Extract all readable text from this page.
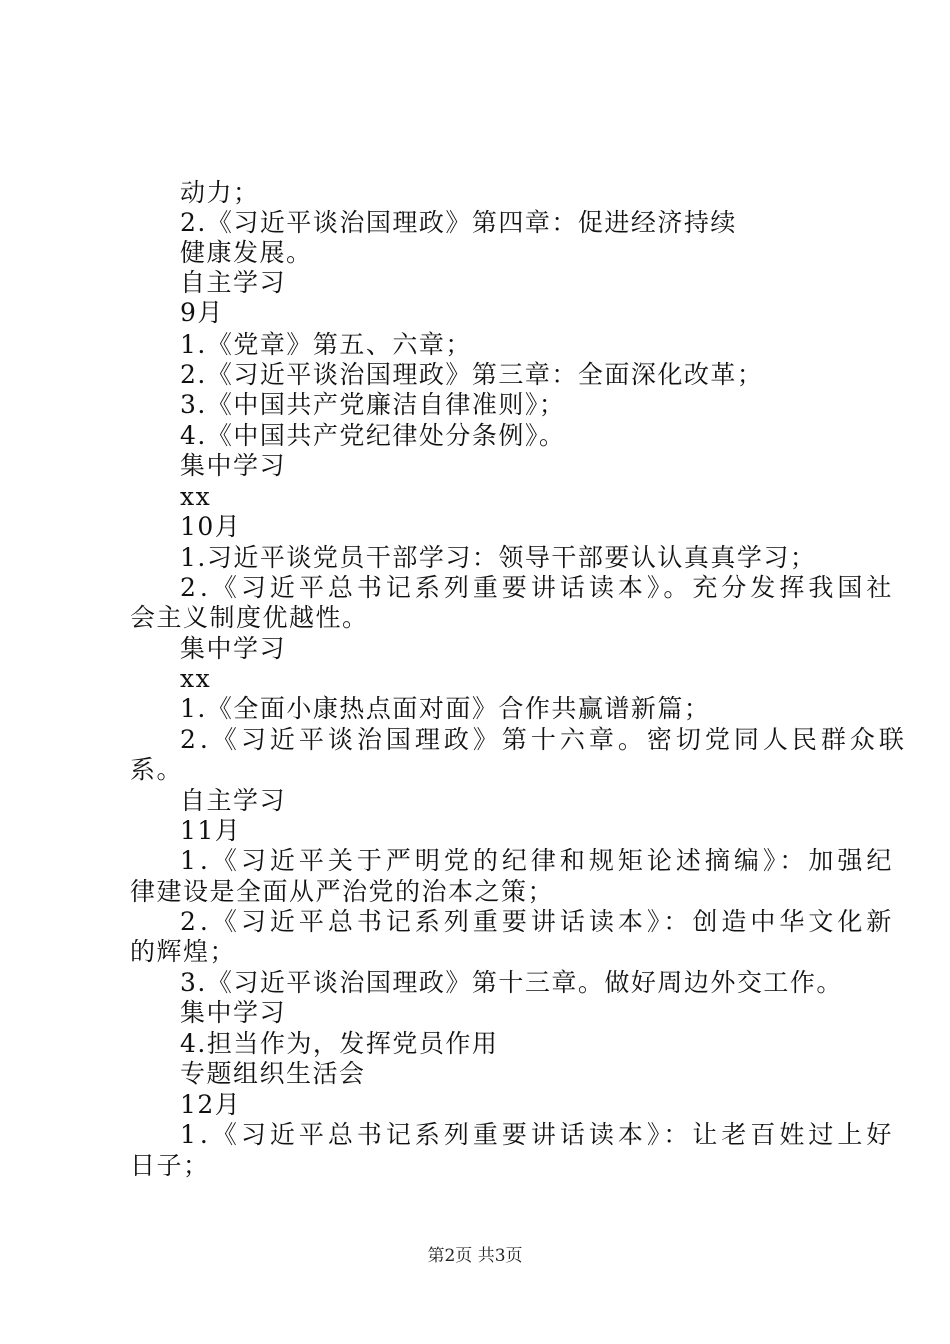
动力；
2.《习近平谈治国理政》第四章：促进经济持续
健康发展。
自主学习
9月
1.《党章》第五、六章；
2.《习近平谈治国理政》第三章：全面深化改革；
3.《中国共产党廉洁自律准则》；
4.《中国共产党纪律处分条例》。
集中学习
xx
10月
1.习近平谈党员干部学习：领导干部要认认真真学习；
2.《习近平总书记系列重要讲话读本》。充分发挥我国社
会主义制度优越性。
集中学习
xx
1.《全面小康热点面对面》合作共赢谱新篇；
2.《习近平谈治国理政》第十六章。密切党同人民群众联
系。
自主学习
11月
1.《习近平关于严明党的纪律和规矩论述摘编》：加强纪
律建设是全面从严治党的治本之策；
2.《习近平总书记系列重要讲话读本》：创造中华文化新
的辉煌；
3.《习近平谈治国理政》第十三章。做好周边外交工作。
集中学习
4.担当作为，发挥党员作用
专题组织生活会
12月
1.《习近平总书记系列重要讲话读本》：让老百姓过上好
日子；
第2页 共3页
